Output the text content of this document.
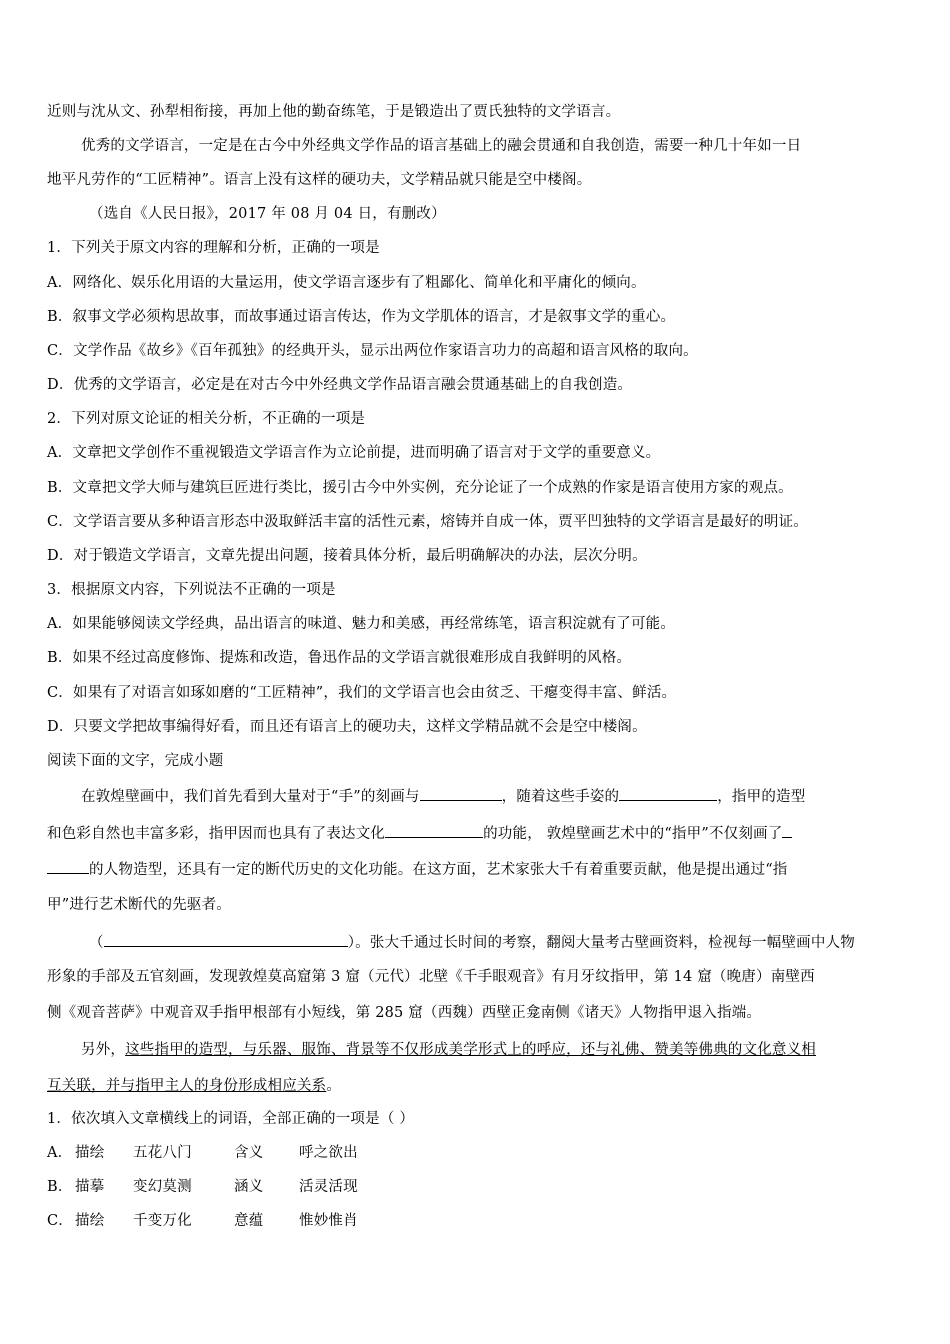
近则与沈从文、孙犁相衔接，再加上他的勤奋练笔，于是锻造出了贾氏独特的文学语言。
优秀的文学语言，一定是在古今中外经典文学作品的语言基础上的融会贯通和自我创造，需要一种几十年如一日
地平凡劳作的“工匠精神”。语言上没有这样的硬功夫，文学精品就只能是空中楼阁。
（选自《人民日报》，2017 年 08 月 04 日，有删改）
1．下列关于原文内容的理解和分析，正确的一项是
A．网络化、娱乐化用语的大量运用，使文学语言逐步有了粗鄙化、简单化和平庸化的倾向。
B．叙事文学必须构思故事，而故事通过语言传达，作为文学肌体的语言，才是叙事文学的重心。
C．文学作品《故乡》《百年孤独》的经典开头，显示出两位作家语言功力的高超和语言风格的取向。
D．优秀的文学语言，必定是在对古今中外经典文学作品语言融会贯通基础上的自我创造。
2．下列对原文论证的相关分析，不正确的一项是
A．文章把文学创作不重视锻造文学语言作为立论前提，进而明确了语言对于文学的重要意义。
B．文章把文学大师与建筑巨匠进行类比，援引古今中外实例，充分论证了一个成熟的作家是语言使用方家的观点。
C．文学语言要从多种语言形态中汲取鲜活丰富的活性元素，熔铸并自成一体，贾平凹独特的文学语言是最好的明证。
D．对于锻造文学语言，文章先提出问题，接着具体分析，最后明确解决的办法，层次分明。
3．根据原文内容，下列说法不正确的一项是
A．如果能够阅读文学经典，品出语言的味道、魅力和美感，再经常练笔，语言积淀就有了可能。
B．如果不经过高度修饰、提炼和改造，鲁迅作品的文学语言就很难形成自我鲜明的风格。
C．如果有了对语言如琢如磨的“工匠精神”，我们的文学语言也会由贫乏、干瘪变得丰富、鲜活。
D．只要文学把故事编得好看，而且还有语言上的硬功夫，这样文学精品就不会是空中楼阁。
阅读下面的文字，完成小题
在敦煌壁画中，我们首先看到大量对于“手”的刻画与	，随着这些手姿的	，指甲的造型
和色彩自然也丰富多彩，指甲因而也具有了表达文化	的功能， 敦煌壁画艺术中的“指甲”不仅刻画了
的人物造型，还具有一定的断代历史的文化功能。在这方面，艺术家张大千有着重要贡献，他是提出通过“指
甲”进行艺术断代的先驱者。
（	）。张大千通过长时间的考察，翻阅大量考古壁画资料，检视每一幅壁画中人物
形象的手部及五官刻画，发现敦煌莫高窟第 3 窟（元代）北壁《千手眼观音》有月牙纹指甲，第 14 窟（晚唐）南壁西
侧《观音菩萨》中观音双手指甲根部有小短线，第 285 窟（西魏）西壁正龛南侧《诸天》人物指甲退入指端。
另外，这些指甲的造型，与乐器、服饰、背景等不仅形成美学形式上的呼应，还与礼佛、赞美等佛典的文化意义相
互关联，并与指甲主人的身份形成相应关系。
1．依次填入文章横线上的词语，全部正确的一项是（ ）
A． 描绘 五花八门	含义 呼之欲出
B． 描摹 变幻莫测	涵义 活灵活现
C． 描绘 千变万化	意蕴 惟妙惟肖
